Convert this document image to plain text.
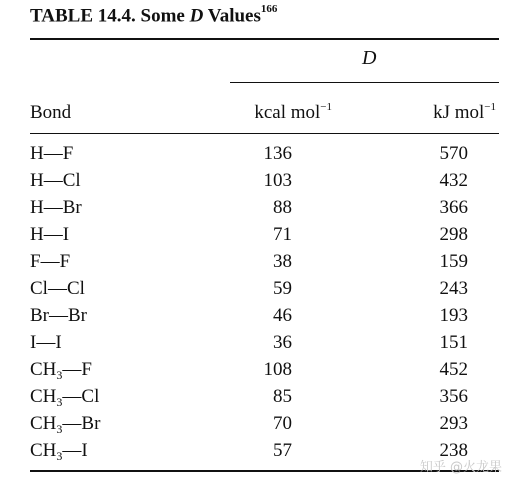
TABLE 14.4. Some D Values$^{166}$
D
Bond	kcal mol$^{-1}$	kJ mol$^{-1}$
H—F	136	570
H—Cl	103	432
H—Br	88	366
H—I	71	298
F—F	38	159
Cl—Cl	59	243
Br—Br	46	193
I—I	36	151
$CH_3—F$	108	452
$CH_3—Cl$	85	356
$CH_3—Br$	70	293
$CH_3—I$	57	238
知乎 @火龙果
